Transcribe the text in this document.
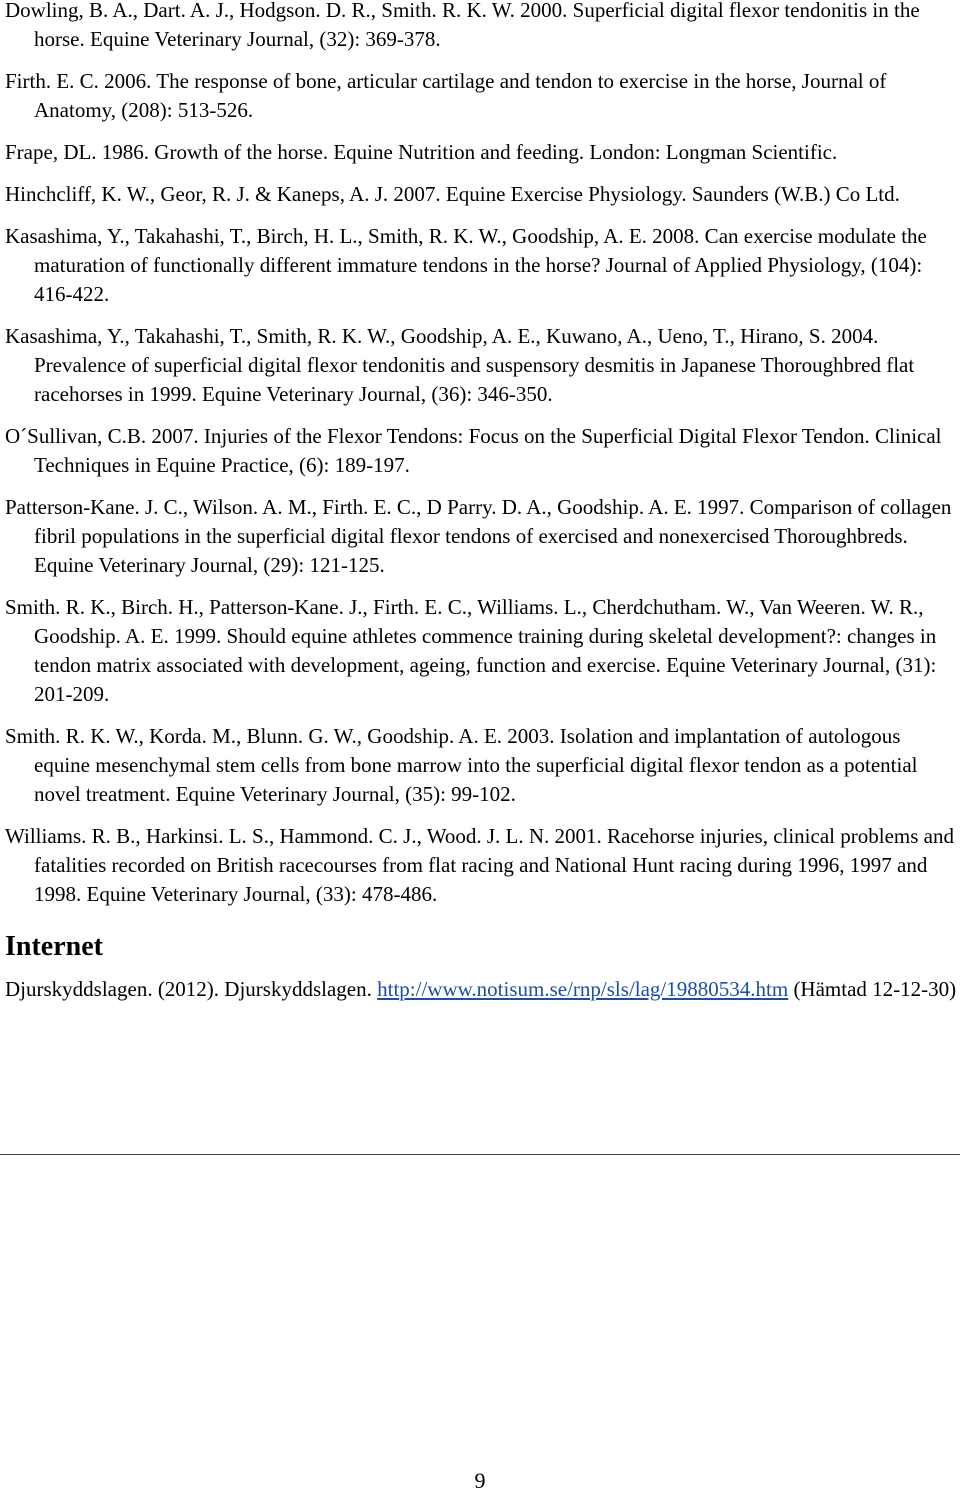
Dowling, B. A., Dart. A. J., Hodgson. D. R., Smith. R. K. W. 2000. Superficial digital flexor tendonitis in the horse. Equine Veterinary Journal, (32): 369-378.

Firth. E. C. 2006. The response of bone, articular cartilage and tendon to exercise in the horse, Journal of Anatomy, (208): 513-526.

Frape, DL. 1986. Growth of the horse. Equine Nutrition and feeding. London: Longman Scientific.

Hinchcliff, K. W., Geor, R. J. & Kaneps, A. J. 2007. Equine Exercise Physiology. Saunders (W.B.) Co Ltd.

Kasashima, Y., Takahashi, T., Birch, H. L., Smith, R. K. W., Goodship, A. E. 2008. Can exercise modulate the maturation of functionally different immature tendons in the horse? Journal of Applied Physiology, (104): 416-422.

Kasashima, Y., Takahashi, T., Smith, R. K. W., Goodship, A. E., Kuwano, A., Ueno, T., Hirano, S. 2004. Prevalence of superficial digital flexor tendonitis and suspensory desmitis in Japanese Thoroughbred flat racehorses in 1999. Equine Veterinary Journal, (36): 346-350.

O´Sullivan, C.B. 2007. Injuries of the Flexor Tendons: Focus on the Superficial Digital Flexor Tendon. Clinical Techniques in Equine Practice, (6): 189-197.

Patterson-Kane. J. C., Wilson. A. M., Firth. E. C., D Parry. D. A., Goodship. A. E. 1997. Comparison of collagen fibril populations in the superficial digital flexor tendons of exercised and nonexercised Thoroughbreds. Equine Veterinary Journal, (29): 121-125.

Smith. R. K., Birch. H., Patterson-Kane. J., Firth. E. C., Williams. L., Cherdchutham. W., Van Weeren. W. R., Goodship. A. E. 1999. Should equine athletes commence training during skeletal development?: changes in tendon matrix associated with development, ageing, function and exercise. Equine Veterinary Journal, (31): 201-209.

Smith. R. K. W., Korda. M., Blunn. G. W., Goodship. A. E. 2003. Isolation and implantation of autologous equine mesenchymal stem cells from bone marrow into the superficial digital flexor tendon as a potential novel treatment. Equine Veterinary Journal, (35): 99-102.

Williams. R. B., Harkinsi. L. S., Hammond. C. J., Wood. J. L. N. 2001. Racehorse injuries, clinical problems and fatalities recorded on British racecourses from flat racing and National Hunt racing during 1996, 1997 and 1998. Equine Veterinary Journal, (33): 478-486.

Internet

Djurskyddslagen. (2012). Djurskyddslagen. http://www.notisum.se/rnp/sls/lag/19880534.htm (Hämtad 12-12-30)

9
